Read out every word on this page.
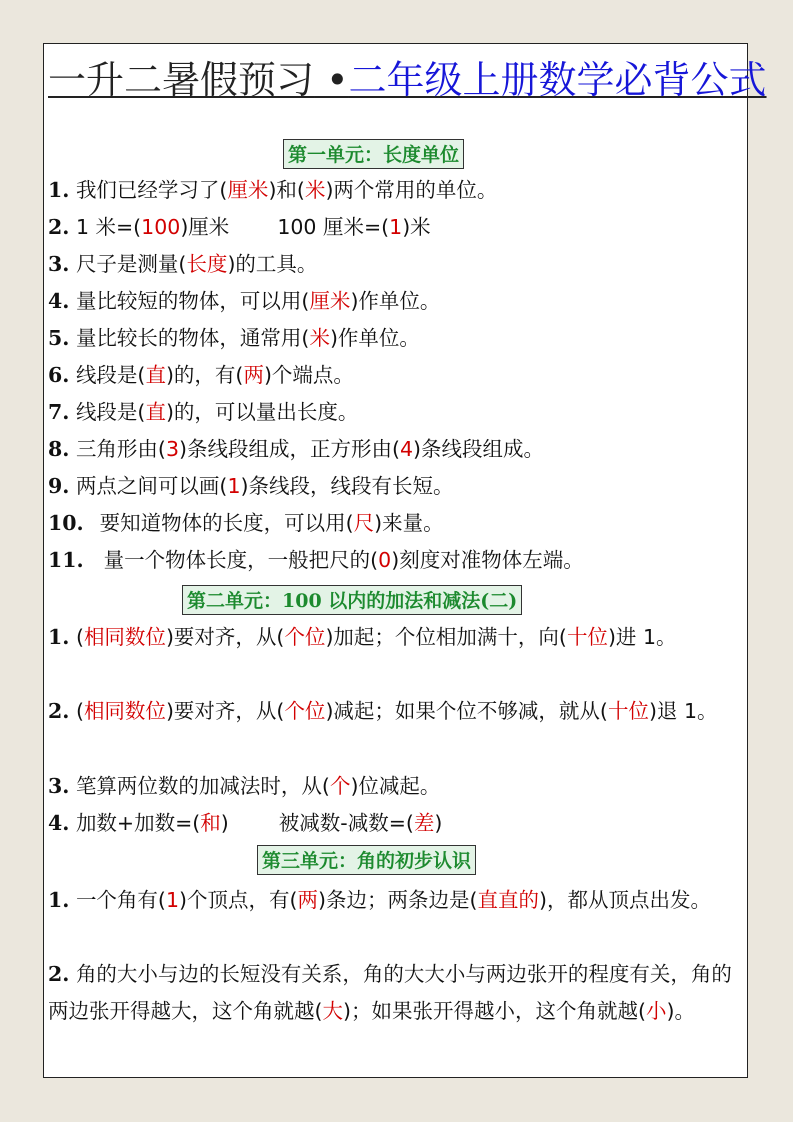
一升二暑假预习 •二年级上册数学必背公式
第一单元：长度单位
1. 我们已经学习了(厘米)和(米)两个常用的单位。
2. 1 米=(100)厘米 100 厘米=(1)米
3. 尺子是测量(长度)的工具。
4. 量比较短的物体，可以用(厘米)作单位。
5. 量比较长的物体，通常用(米)作单位。
6. 线段是(直)的，有(两)个端点。
7. 线段是(直)的，可以量出长度。
8. 三角形由(3)条线段组成，正方形由(4)条线段组成。
9. 两点之间可以画(1)条线段，线段有长短。
10. 要知道物体的长度，可以用(尺)来量。
11. 量一个物体长度，一般把尺的(0)刻度对准物体左端。
第二单元：100 以内的加法和减法(二)
1. (相同数位)要对齐，从(个位)加起；个位相加满十，向(十位)进 1。
2. (相同数位)要对齐，从(个位)减起；如果个位不够减，就从(十位)退 1。
3. 笔算两位数的加减法时，从(个)位减起。
4. 加数+加数=(和) 被减数-减数=(差)
第三单元：角的初步认识
1. 一个角有(1)个顶点，有(两)条边；两条边是(直直的)，都从顶点出发。
2. 角的大小与边的长短没有关系，角的大大小与两边张开的程度有关，角的两边张开得越大，这个角就越(大)；如果张开得越小，这个角就越(小)。
